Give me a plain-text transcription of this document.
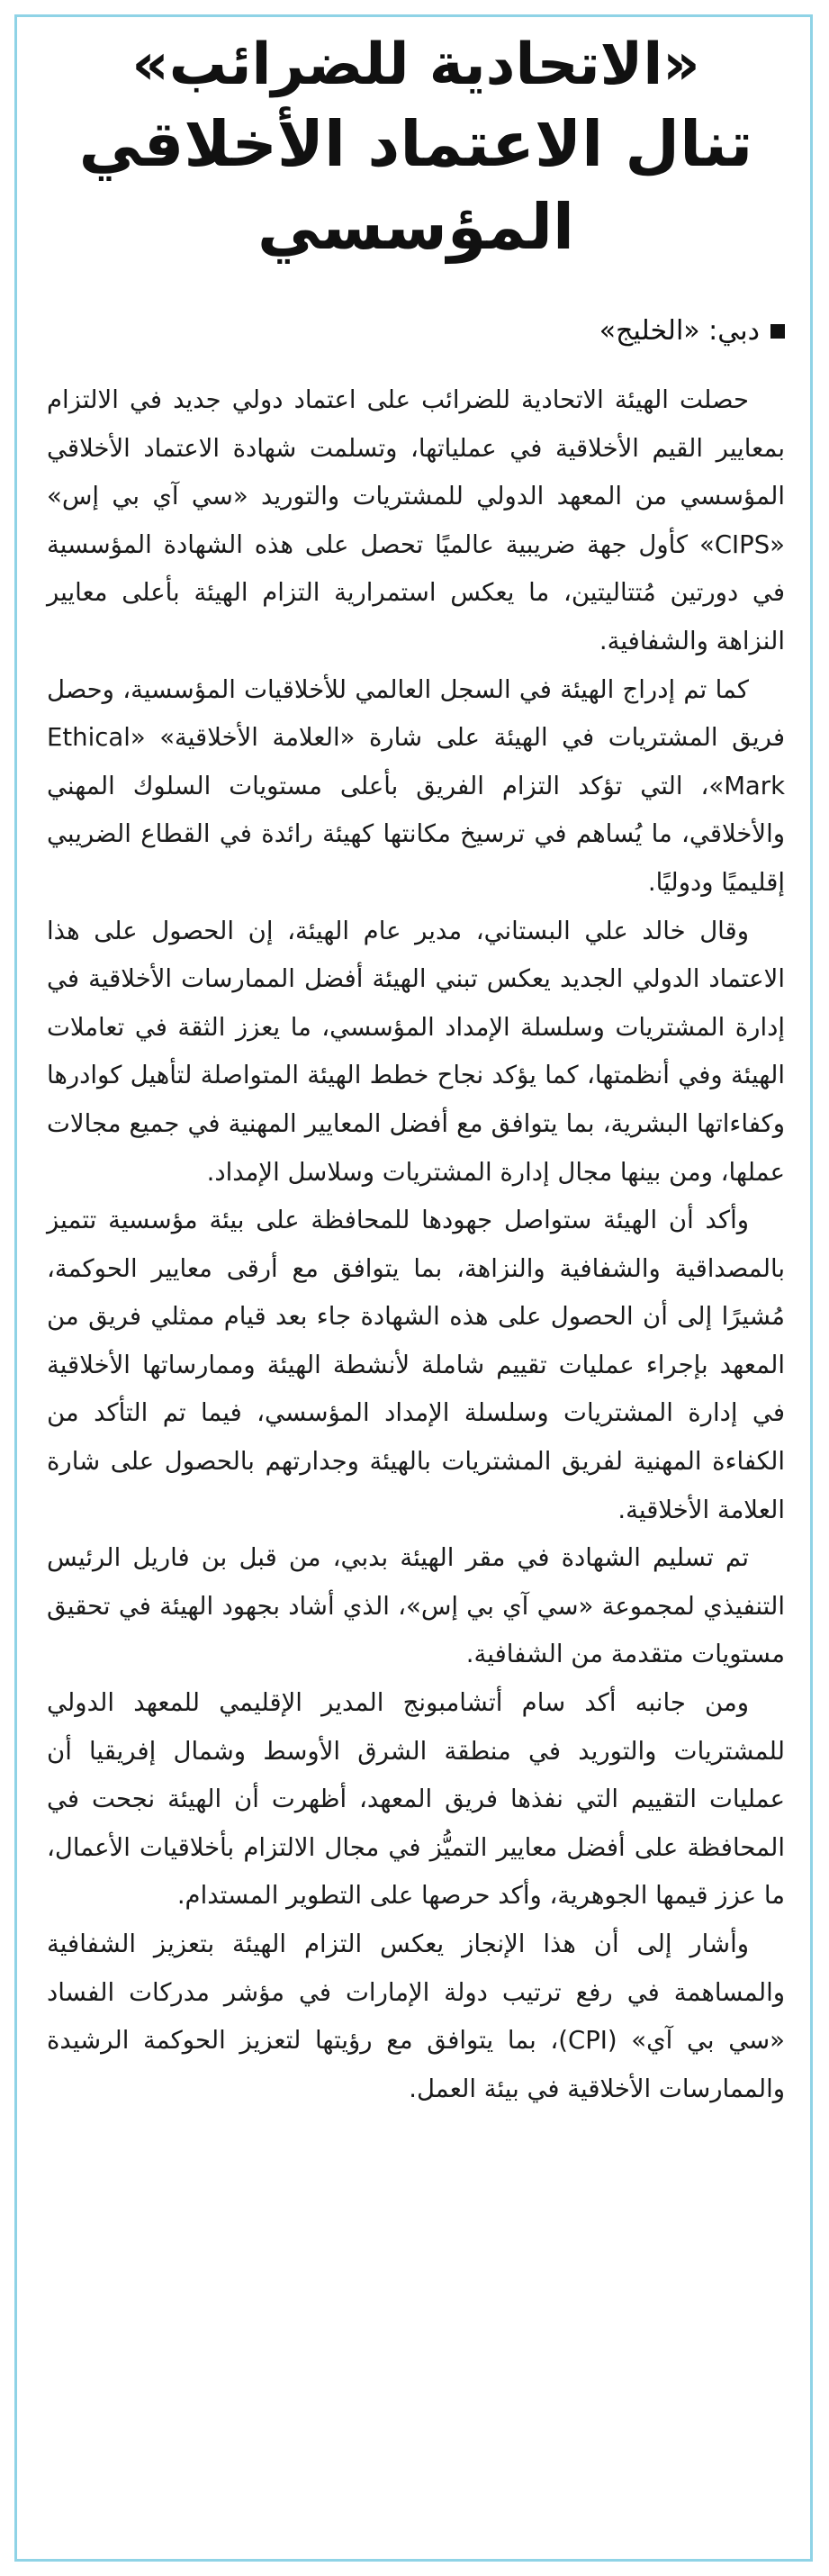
«الاتحادية للضرائب»
تنال الاعتماد الأخلاقي المؤسسي
دبي: «الخليج»

حصلت الهيئة الاتحادية للضرائب على اعتماد دولي جديد في الالتزام بمعايير القيم الأخلاقية في عملياتها، وتسلمت شهادة الاعتماد الأخلاقي المؤسسي من المعهد الدولي للمشتريات والتوريد «سي آي بي إس» «CIPS» كأول جهة ضريبية عالميًا تحصل على هذه الشهادة المؤسسية في دورتين مُتتاليتين، ما يعكس استمرارية التزام الهيئة بأعلى معايير النزاهة والشفافية.

كما تم إدراج الهيئة في السجل العالمي للأخلاقيات المؤسسية، وحصل فريق المشتريات في الهيئة على شارة «العلامة الأخلاقية» «Ethical Mark»، التي تؤكد التزام الفريق بأعلى مستويات السلوك المهني والأخلاقي، ما يُساهم في ترسيخ مكانتها كهيئة رائدة في القطاع الضريبي إقليميًا ودوليًا.

وقال خالد علي البستاني، مدير عام الهيئة، إن الحصول على هذا الاعتماد الدولي الجديد يعكس تبني الهيئة أفضل الممارسات الأخلاقية في إدارة المشتريات وسلسلة الإمداد المؤسسي، ما يعزز الثقة في تعاملات الهيئة وفي أنظمتها، كما يؤكد نجاح خطط الهيئة المتواصلة لتأهيل كوادرها وكفاءاتها البشرية، بما يتوافق مع أفضل المعايير المهنية في جميع مجالات عملها، ومن بينها مجال إدارة المشتريات وسلاسل الإمداد.

وأكد أن الهيئة ستواصل جهودها للمحافظة على بيئة مؤسسية تتميز بالمصداقية والشفافية والنزاهة، بما يتوافق مع أرقى معايير الحوكمة، مُشيرًا إلى أن الحصول على هذه الشهادة جاء بعد قيام ممثلي فريق من المعهد بإجراء عمليات تقييم شاملة لأنشطة الهيئة وممارساتها الأخلاقية في إدارة المشتريات وسلسلة الإمداد المؤسسي، فيما تم التأكد من الكفاءة المهنية لفريق المشتريات بالهيئة وجدارتهم بالحصول على شارة العلامة الأخلاقية.

تم تسليم الشهادة في مقر الهيئة بدبي، من قبل بن فاريل الرئيس التنفيذي لمجموعة «سي آي بي إس»، الذي أشاد بجهود الهيئة في تحقيق مستويات متقدمة من الشفافية.

ومن جانبه أكد سام أتشامبونج المدير الإقليمي للمعهد الدولي للمشتريات والتوريد في منطقة الشرق الأوسط وشمال إفريقيا أن عمليات التقييم التي نفذها فريق المعهد، أظهرت أن الهيئة نجحت في المحافظة على أفضل معايير التميُّز في مجال الالتزام بأخلاقيات الأعمال، ما عزز قيمها الجوهرية، وأكد حرصها على التطوير المستدام.

وأشار إلى أن هذا الإنجاز يعكس التزام الهيئة بتعزيز الشفافية والمساهمة في رفع ترتيب دولة الإمارات في مؤشر مدركات الفساد «سي بي آي» (CPI)، بما يتوافق مع رؤيتها لتعزيز الحوكمة الرشيدة والممارسات الأخلاقية في بيئة العمل.
